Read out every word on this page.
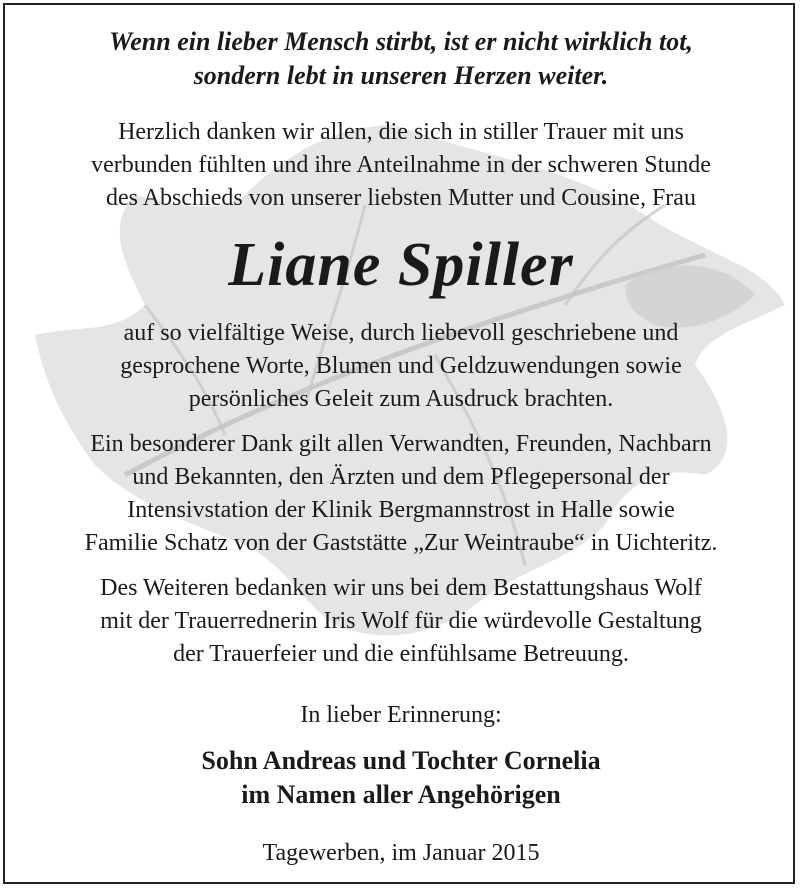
Wenn ein lieber Mensch stirbt, ist er nicht wirklich tot,
sondern lebt in unseren Herzen weiter.
Herzlich danken wir allen, die sich in stiller Trauer mit uns
verbunden fühlten und ihre Anteilnahme in der schweren Stunde
des Abschieds von unserer liebsten Mutter und Cousine, Frau
Liane Spiller
auf so vielfältige Weise, durch liebevoll geschriebene und
gesprochene Worte, Blumen und Geldzuwendungen sowie
persönliches Geleit zum Ausdruck brachten.
Ein besonderer Dank gilt allen Verwandten, Freunden, Nachbarn
und Bekannten, den Ärzten und dem Pflegepersonal der
Intensivstation der Klinik Bergmannstrost in Halle sowie
Familie Schatz von der Gaststätte „Zur Weintraube“ in Uichteritz.
Des Weiteren bedanken wir uns bei dem Bestattungshaus Wolf
mit der Trauerrednerin Iris Wolf für die würdevolle Gestaltung
der Trauerfeier und die einfühlsame Betreuung.
In lieber Erinnerung:
Sohn Andreas und Tochter Cornelia
im Namen aller Angehörigen
Tagewerben, im Januar 2015
